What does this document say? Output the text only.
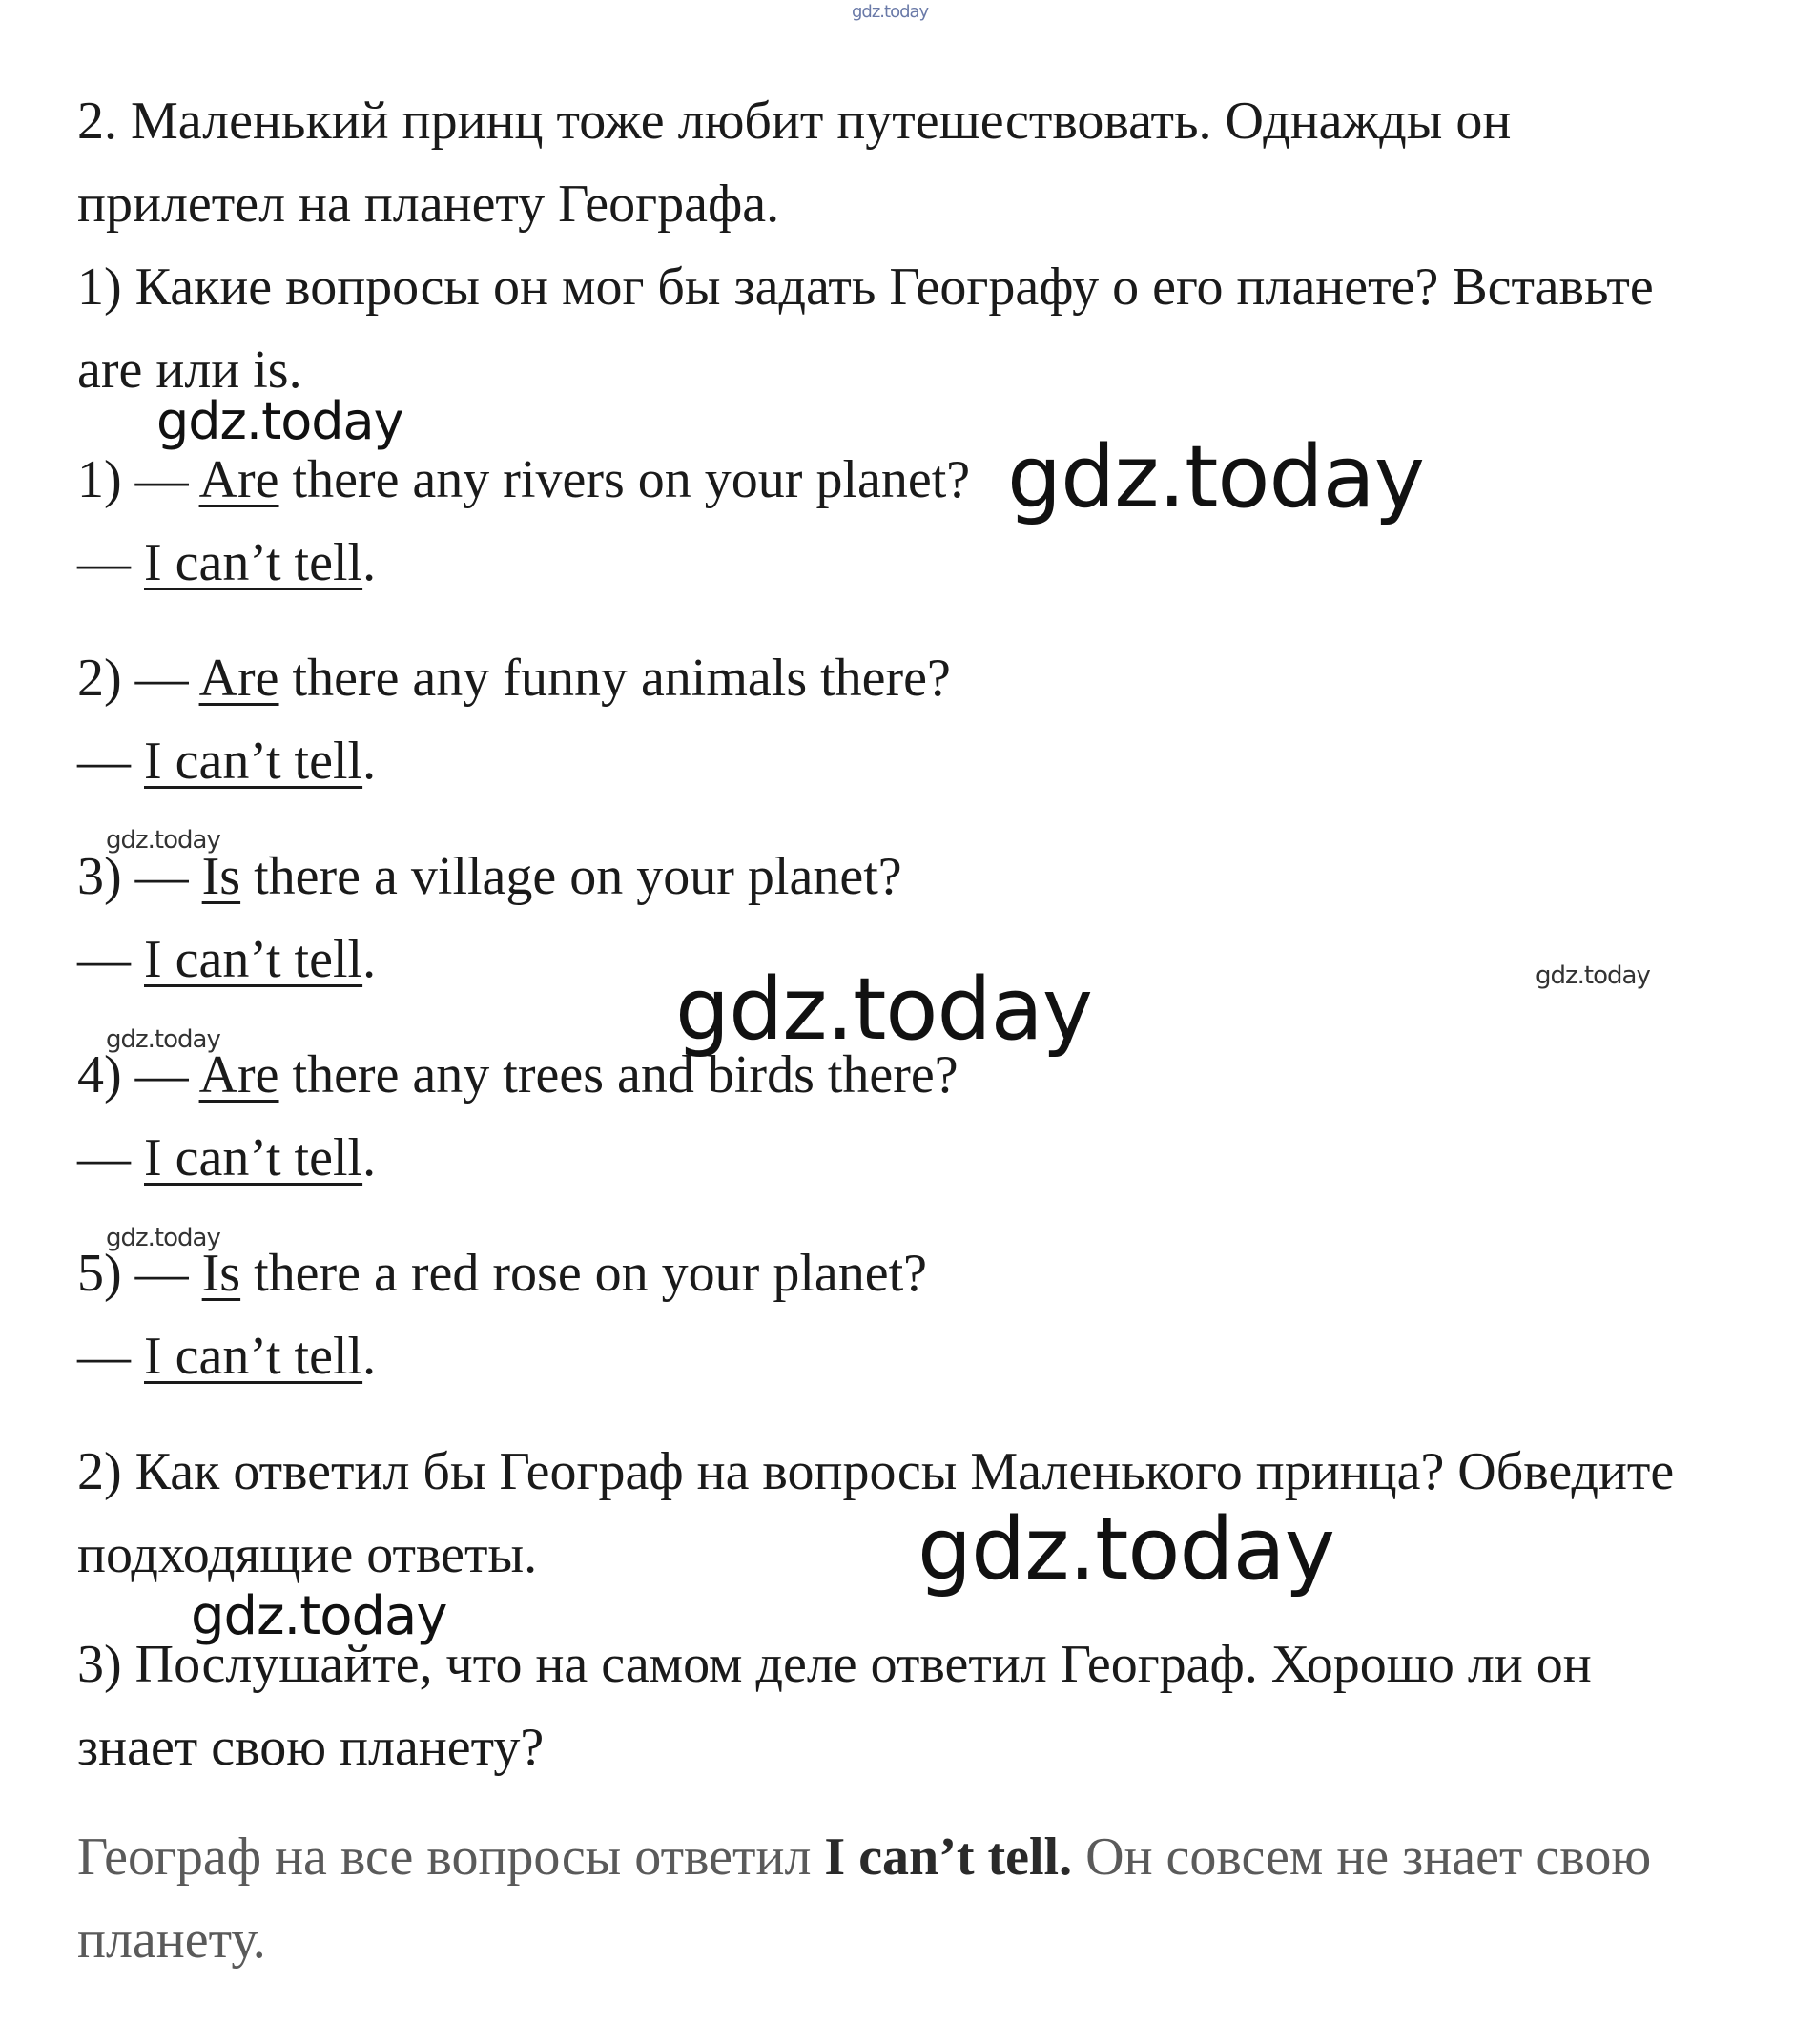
gdz.today
2. Маленький принц тоже любит путешествовать. Однажды он
прилетел на планету Географа.
1) Какие вопросы он мог бы задать Географу о его планете? Вставьте
are или is.
1) — Are there any rivers on your planet?
— I can’t tell.
2) — Are there any funny animals there?
— I can’t tell.
3) — Is there a village on your planet?
— I can’t tell.
4) — Are there any trees and birds there?
— I can’t tell.
5) — Is there a red rose on your planet?
— I can’t tell.
2) Как ответил бы Географ на вопросы Маленького принца? Обведите
подходящие ответы.
3) Послушайте, что на самом деле ответил Географ. Хорошо ли он
знает свою планету?
Географ на все вопросы ответил I can’t tell. Он совсем не знает свою
планету.
gdz.today
gdz.today
gdz.today
gdz.today	gdz.today
gdz.today
gdz.today
gdz.today
gdz.today
